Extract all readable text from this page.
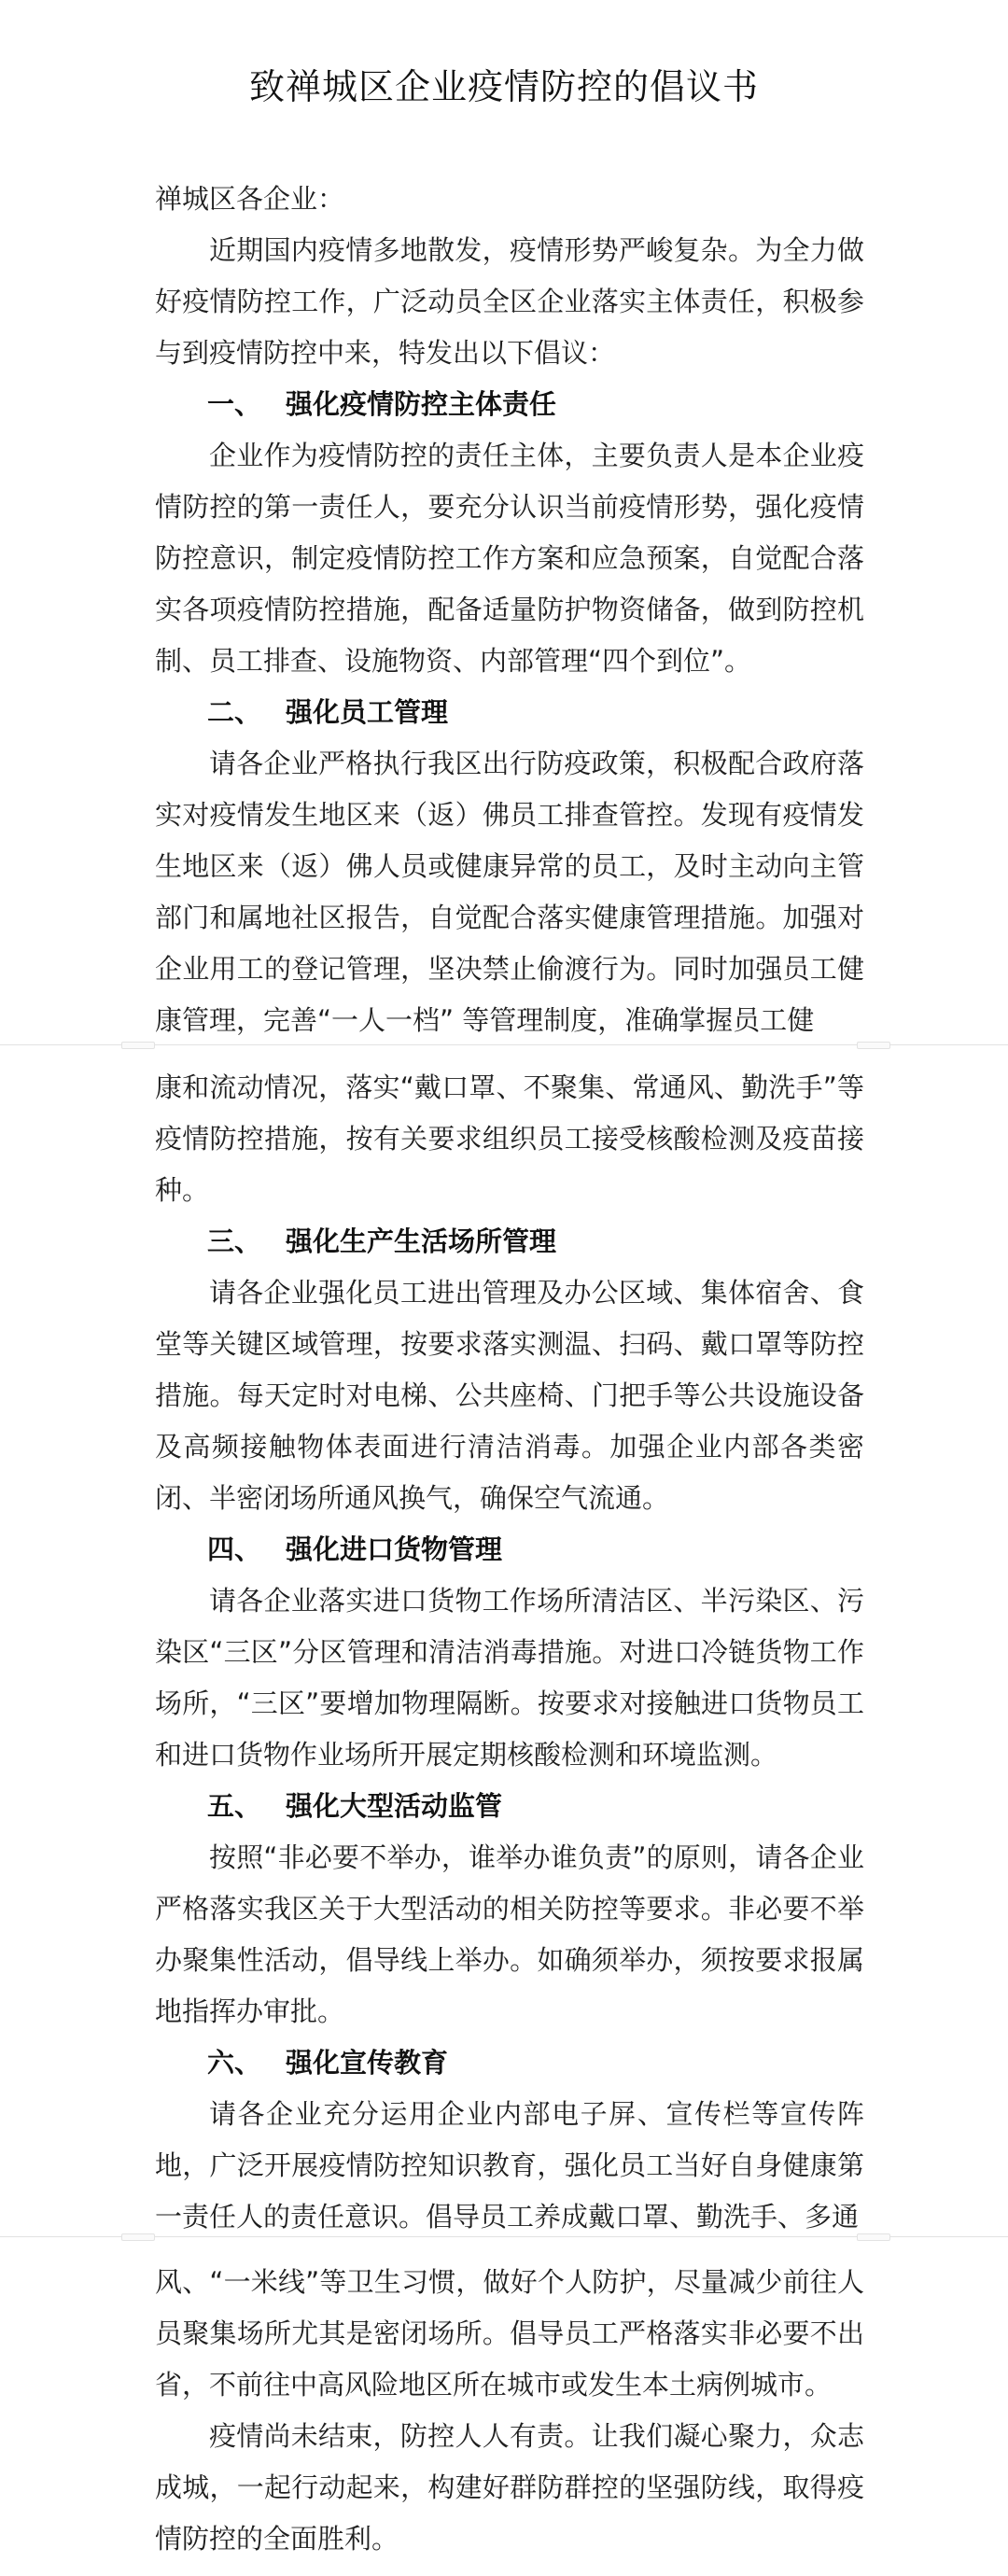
致禅城区企业疫情防控的倡议书

禅城区各企业：

近期国内疫情多地散发，疫情形势严峻复杂。为全力做好疫情防控工作，广泛动员全区企业落实主体责任，积极参与到疫情防控中来，特发出以下倡议：

一、 强化疫情防控主体责任

企业作为疫情防控的责任主体，主要负责人是本企业疫情防控的第一责任人，要充分认识当前疫情形势，强化疫情防控意识，制定疫情防控工作方案和应急预案，自觉配合落实各项疫情防控措施，配备适量防护物资储备，做到防控机制、员工排查、设施物资、内部管理“四个到位”。

二、 强化员工管理

请各企业严格执行我区出行防疫政策，积极配合政府落实对疫情发生地区来（返）佛员工排查管控。发现有疫情发生地区来（返）佛人员或健康异常的员工，及时主动向主管部门和属地社区报告，自觉配合落实健康管理措施。加强对企业用工的登记管理，坚决禁止偷渡行为。同时加强员工健康管理，完善“一人一档” 等管理制度，准确掌握员工健

康和流动情况，落实“戴口罩、不聚集、常通风、勤洗手”等疫情防控措施，按有关要求组织员工接受核酸检测及疫苗接种。

三、 强化生产生活场所管理

请各企业强化员工进出管理及办公区域、集体宿舍、食堂等关键区域管理，按要求落实测温、扫码、戴口罩等防控措施。每天定时对电梯、公共座椅、门把手等公共设施设备及高频接触物体表面进行清洁消毒。加强企业内部各类密闭、半密闭场所通风换气，确保空气流通。

四、 强化进口货物管理

请各企业落实进口货物工作场所清洁区、半污染区、污染区“三区”分区管理和清洁消毒措施。对进口冷链货物工作场所，“三区”要增加物理隔断。按要求对接触进口货物员工和进口货物作业场所开展定期核酸检测和环境监测。

五、 强化大型活动监管

按照“非必要不举办，谁举办谁负责”的原则，请各企业严格落实我区关于大型活动的相关防控等要求。非必要不举办聚集性活动，倡导线上举办。如确须举办，须按要求报属地指挥办审批。

六、 强化宣传教育

请各企业充分运用企业内部电子屏、宣传栏等宣传阵地，广泛开展疫情防控知识教育，强化员工当好自身健康第一责任人的责任意识。倡导员工养成戴口罩、勤洗手、多通

风、“一米线”等卫生习惯，做好个人防护，尽量减少前往人员聚集场所尤其是密闭场所。倡导员工严格落实非必要不出省，不前往中高风险地区所在城市或发生本土病例城市。

疫情尚未结束，防控人人有责。让我们凝心聚力，众志成城，一起行动起来，构建好群防群控的坚强防线，取得疫情防控的全面胜利。
